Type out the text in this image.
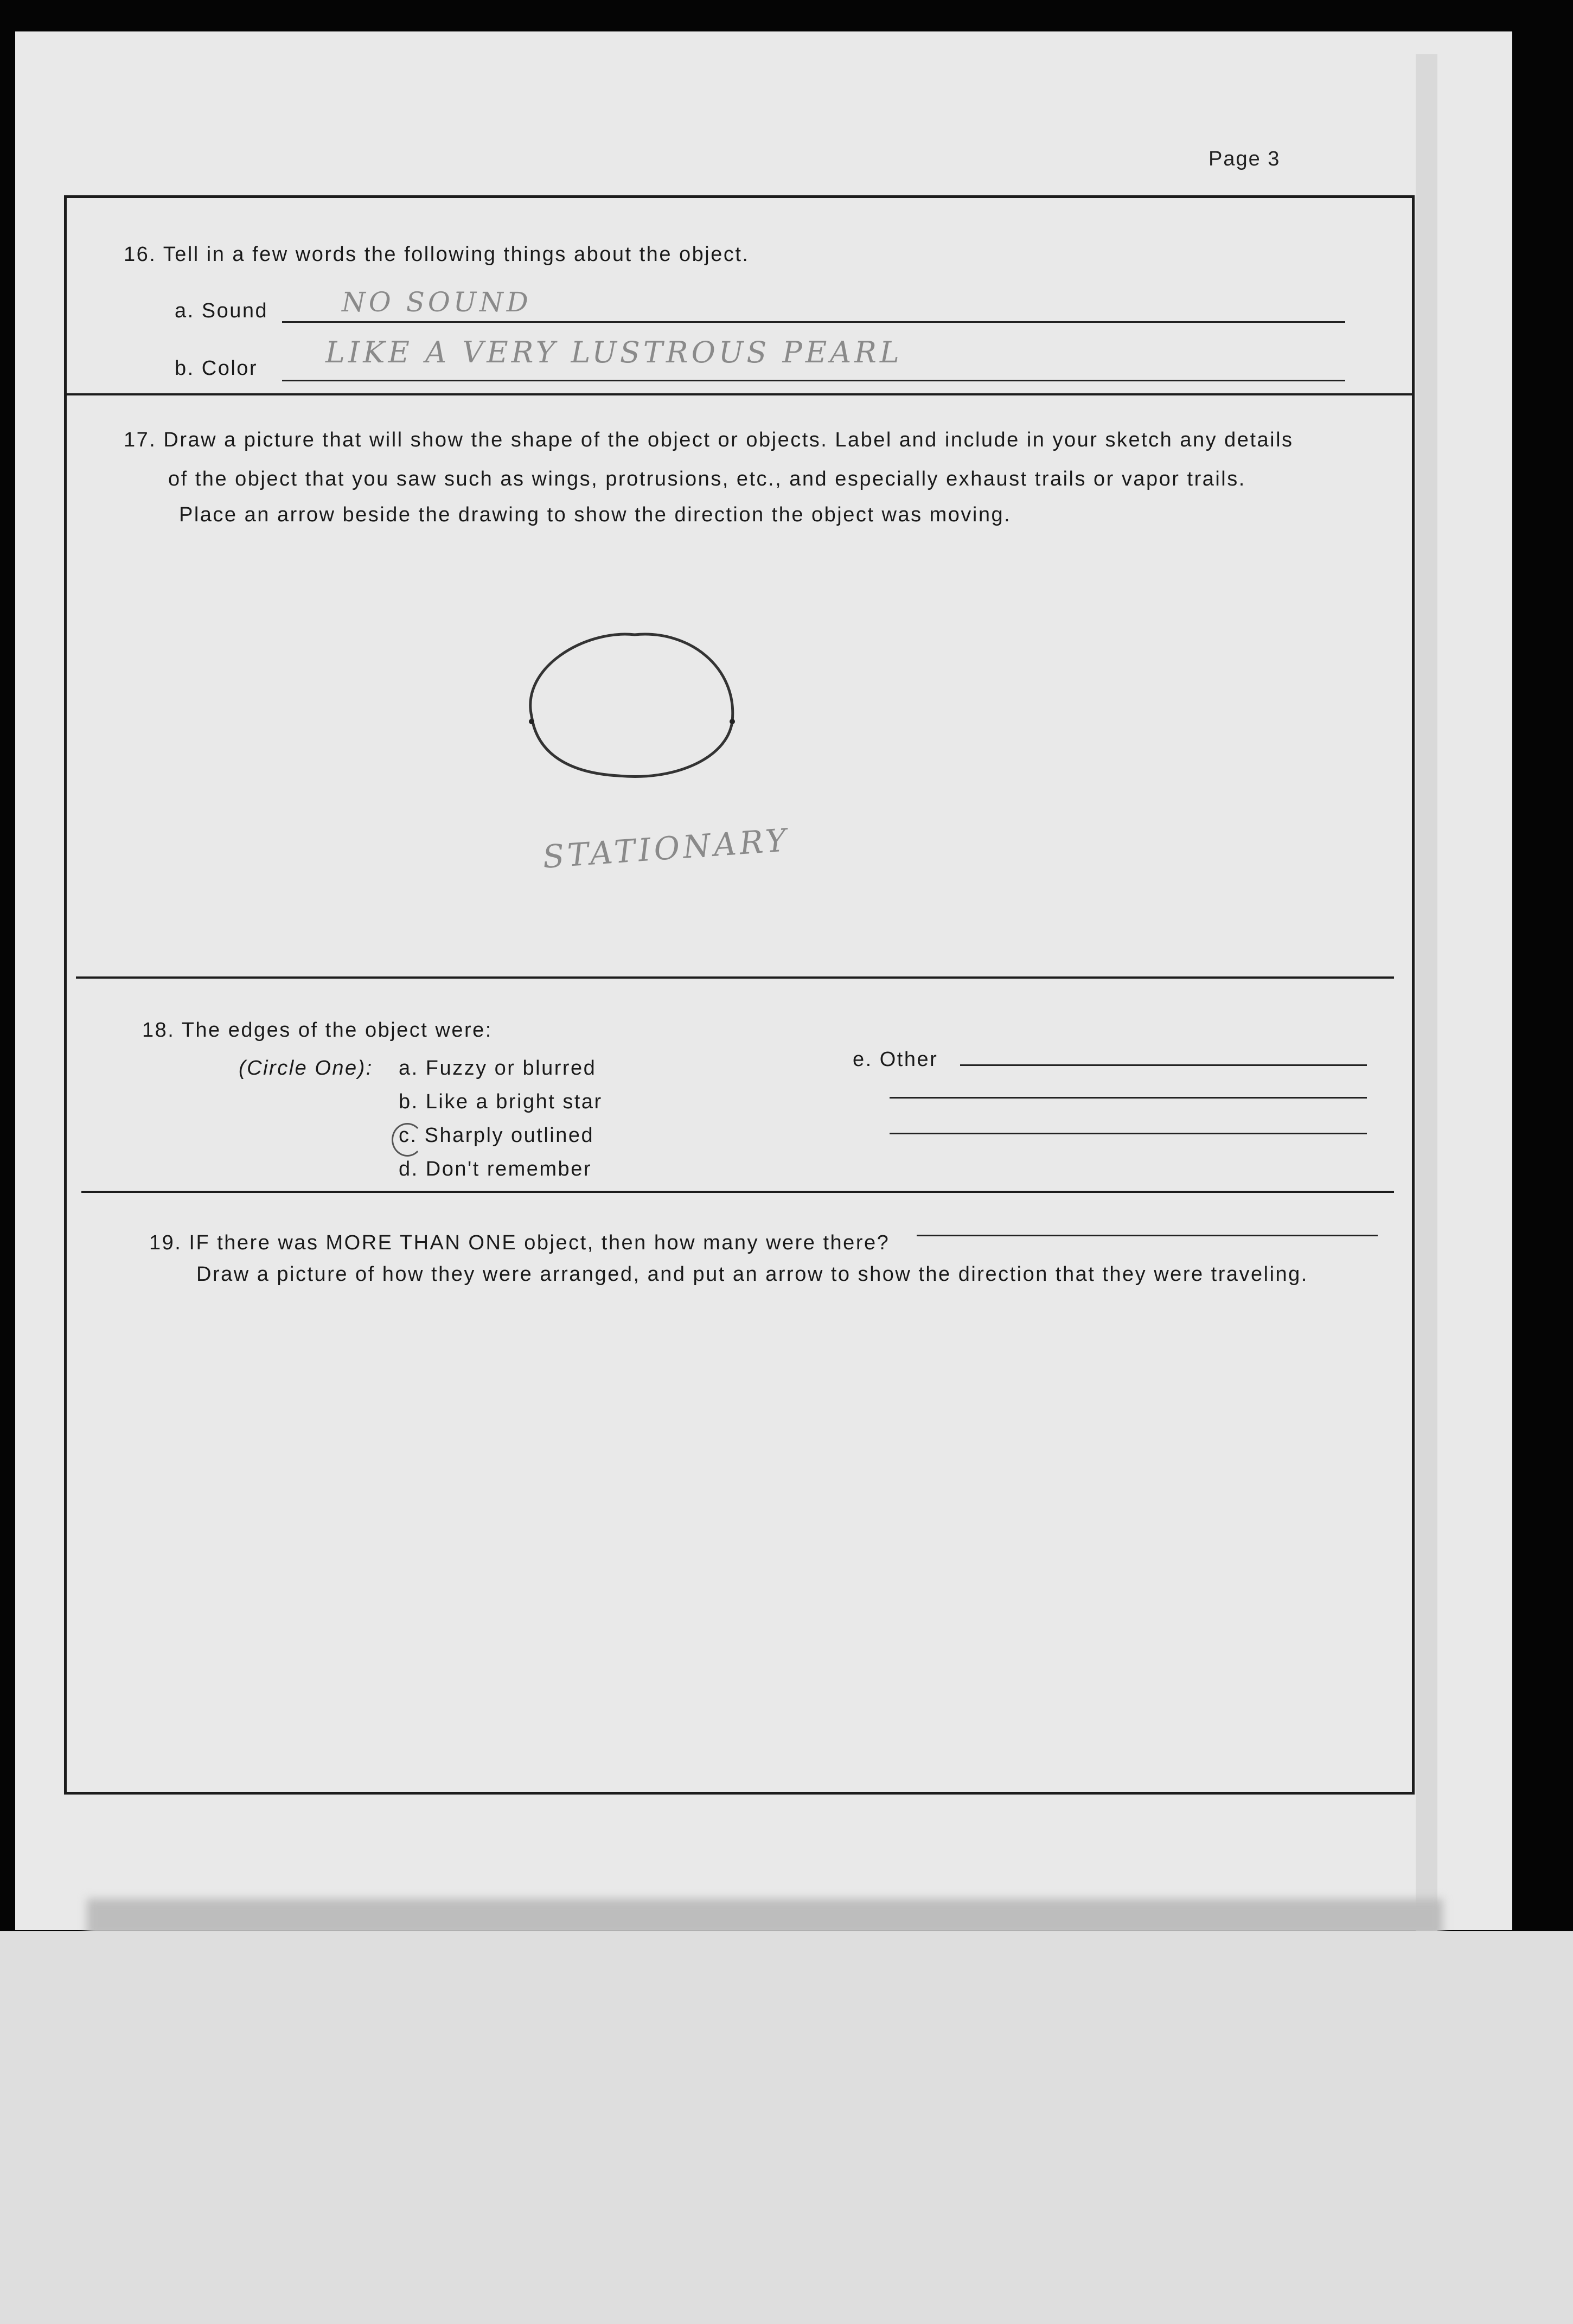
Page 3
16. Tell in a few words the following things about the object.
a. Sound	NO SOUND
b. Color LIKE A VERY LUSTROUS PEARL
17. Draw a picture that will show the shape of the object or objects. Label and include in your sketch any details
of the object that you saw such as wings, protrusions, etc., and especially exhaust trails or vapor trails.
Place an arrow beside the drawing to show the direction the object was moving.
STATIONARY
18. The edges of the object were:
(Circle One): a. Fuzzy or blurred
b. Like a bright star
c. Sharply outlined
d. Don't remember
e. Other
19. IF there was MORE THAN ONE object, then how many were there?
Draw a picture of how they were arranged, and put an arrow to show the direction that they were traveling.
